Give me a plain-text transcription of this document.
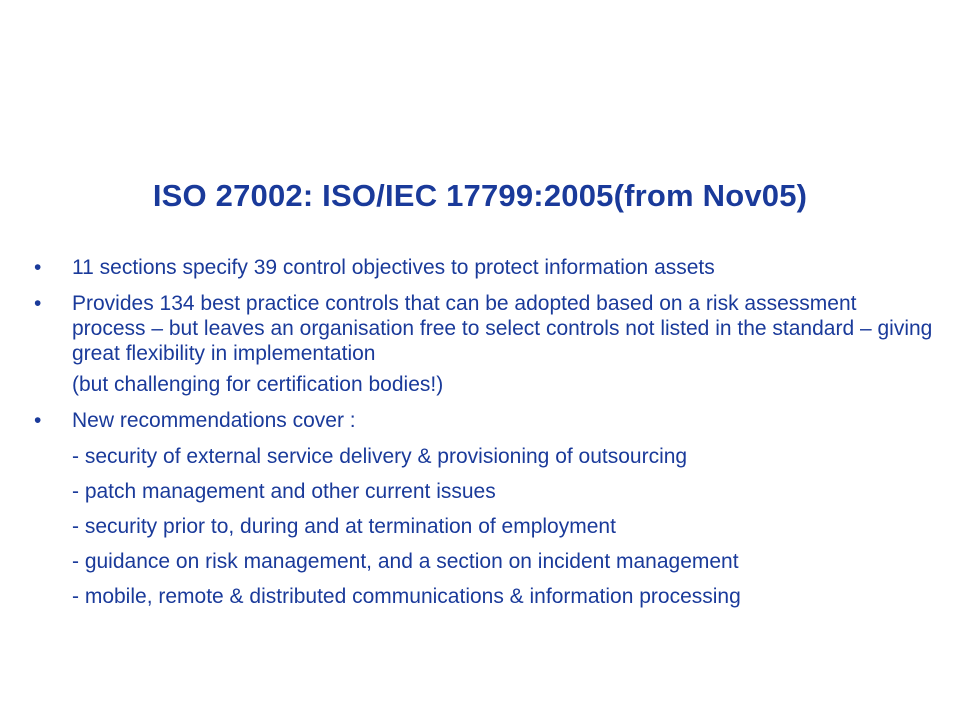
ISO 27002: ISO/IEC 17799:2005(from Nov05)
•	11 sections specify 39 control objectives to protect information assets
•	Provides 134 best practice controls that can be adopted based on a risk assessment process – but leaves an organisation free to select controls not listed in the standard – giving great flexibility in implementation
(but challenging for certification bodies!)
•	New recommendations cover :
- security of external service delivery & provisioning of outsourcing
- patch management and other current issues
- security prior to, during and at termination of employment
- guidance on risk management, and a section on incident management
- mobile, remote & distributed communications & information processing
